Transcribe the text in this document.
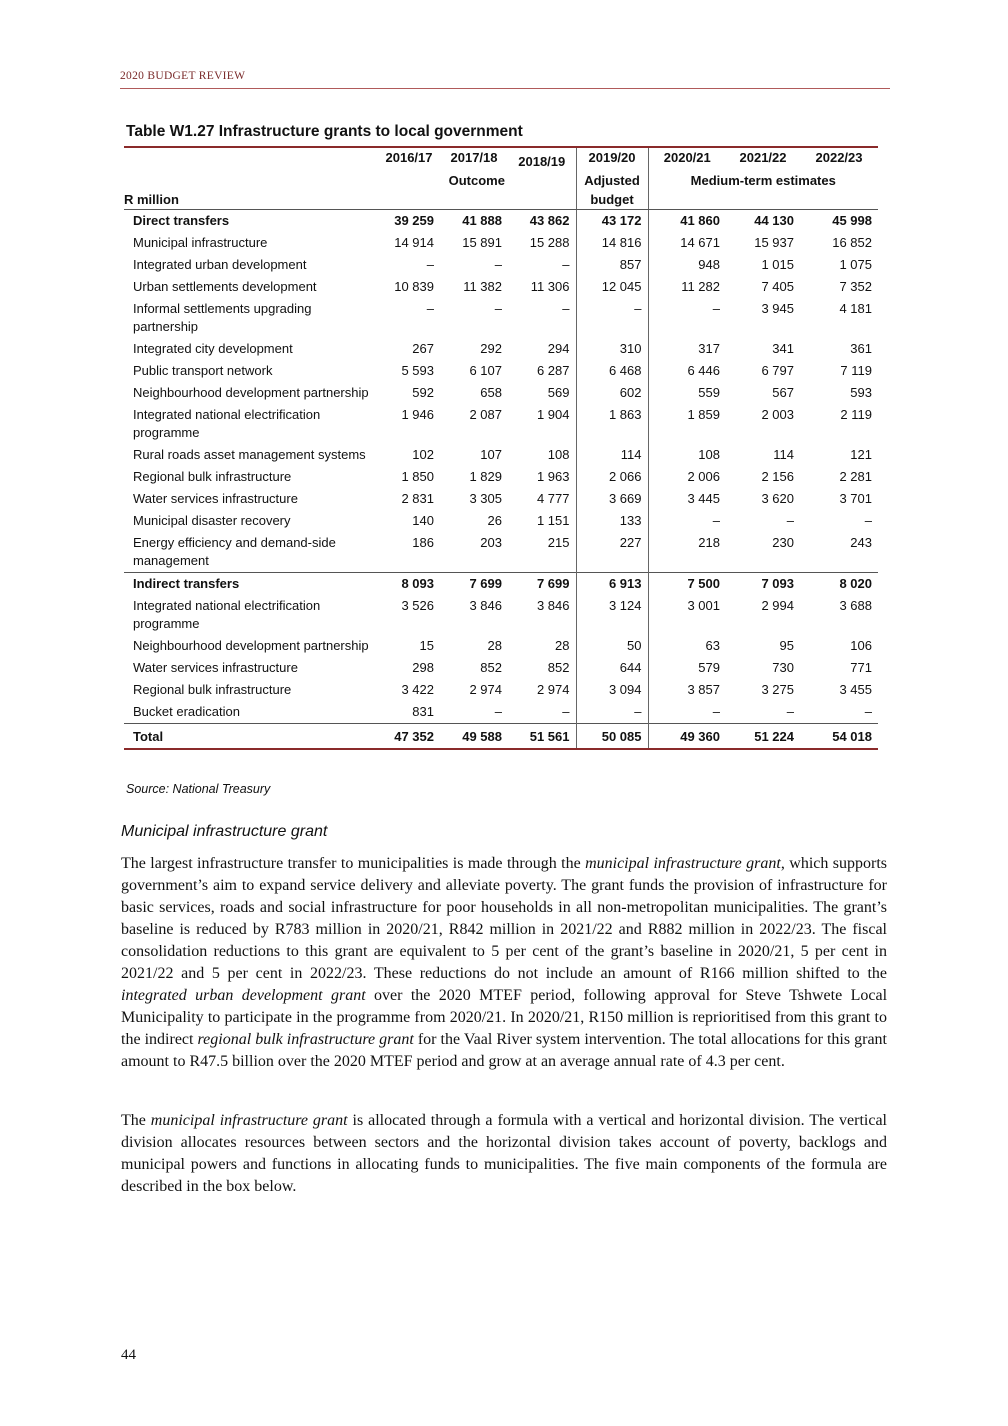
2020 BUDGET REVIEW
Table W1.27 Infrastructure grants to local government
	2016/17	2017/18	2018/19	2019/20	2020/21	2021/22	2022/23
	Outcome			Adjusted	Medium-term estimates		
R million				budget			
Direct transfers	39 259	41 888	43 862	43 172	41 860	44 130	45 998
Municipal infrastructure	14 914	15 891	15 288	14 816	14 671	15 937	16 852
Integrated urban development	–	–	–	857	948	1 015	1 075
Urban settlements development	10 839	11 382	11 306	12 045	11 282	7 405	7 352
Informal settlements upgrading partnership	–	–	–	–	–	3 945	4 181
Integrated city development	267	292	294	310	317	341	361
Public transport network	5 593	6 107	6 287	6 468	6 446	6 797	7 119
Neighbourhood development partnership	592	658	569	602	559	567	593
Integrated national electrification programme	1 946	2 087	1 904	1 863	1 859	2 003	2 119
Rural roads asset management systems	102	107	108	114	108	114	121
Regional bulk infrastructure	1 850	1 829	1 963	2 066	2 006	2 156	2 281
Water services infrastructure	2 831	3 305	4 777	3 669	3 445	3 620	3 701
Municipal disaster recovery	140	26	1 151	133	–	–	–
Energy efficiency and demand-side management	186	203	215	227	218	230	243
Indirect transfers	8 093	7 699	7 699	6 913	7 500	7 093	8 020
Integrated national electrification programme	3 526	3 846	3 846	3 124	3 001	2 994	3 688
Neighbourhood development partnership	15	28	28	50	63	95	106
Water services infrastructure	298	852	852	644	579	730	771
Regional bulk infrastructure	3 422	2 974	2 974	3 094	3 857	3 275	3 455
Bucket eradication	831	–	–	–	–	–	–
Total	47 352	49 588	51 561	50 085	49 360	51 224	54 018
Source: National Treasury
Municipal infrastructure grant

The largest infrastructure transfer to municipalities is made through the municipal infrastructure grant, which supports government’s aim to expand service delivery and alleviate poverty. The grant funds the provision of infrastructure for basic services, roads and social infrastructure for poor households in all non-metropolitan municipalities. The grant’s baseline is reduced by R783 million in 2020/21, R842 million in 2021/22 and R882 million in 2022/23. The fiscal consolidation reductions to this grant are equivalent to 5 per cent of the grant’s baseline in 2020/21, 5 per cent in 2021/22 and 5 per cent in 2022/23. These reductions do not include an amount of R166 million shifted to the integrated urban development grant over the 2020 MTEF period, following approval for Steve Tshwete Local Municipality to participate in the programme from 2020/21. In 2020/21, R150 million is reprioritised from this grant to the indirect regional bulk infrastructure grant for the Vaal River system intervention. The total allocations for this grant amount to R47.5 billion over the 2020 MTEF period and grow at an average annual rate of 4.3 per cent.

The municipal infrastructure grant is allocated through a formula with a vertical and horizontal division. The vertical division allocates resources between sectors and the horizontal division takes account of poverty, backlogs and municipal powers and functions in allocating funds to municipalities. The five main components of the formula are described in the box below.

44
